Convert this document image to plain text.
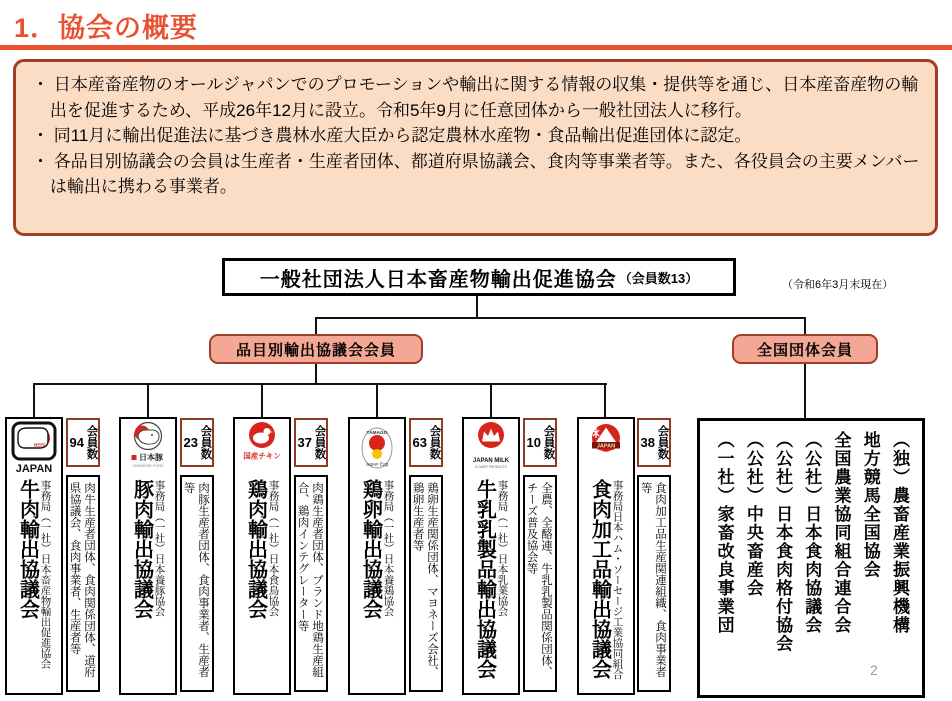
1．協会の概要
・ 日本産畜産物のオールジャパンでのプロモーションや輸出に関する情報の収集・提供等を通じ、日本産畜産物の輸出を促進するため、平成26年12月に設立。令和5年9月に任意団体から一般社団法人に移行。
・ 同11月に輸出促進法に基づき農林水産大臣から認定農林水産物・食品輸出促進団体に認定。
・ 各品目別協議会の会員は生産者・生産者団体、都道府県協議会、食肉等事業者等。また、各役員会の主要メンバーは輸出に携わる事業者。
一般社団法人日本畜産物輸出促進協会 （会員数13）	（令和6年3月末現在）
品目別輸出協議会会員	全国団体会員
BEEF
JAPAN
牛肉輸出協議会 事務局（一社）日本畜産物輸出促進協会
会員数
94
肉牛生産者団体、食肉関係団体、道府県協議会、食肉事業者、生産者等
日本豚
JAPANESE PORK
豚肉輸出協議会 事務局（一社）日本養豚協会
会員数
23
肉豚生産者団体、食肉事業者、生産者等
国産チキン
鶏肉輸出協議会 事務局（一社）日本食鳥協会
会員数
37
肉鶏生産者団体、ブランド地鶏生産組合、鶏肉インテグレーター等
TAMAGO
Japan Egg
鶏卵輸出協議会 事務局（一社）日本養鶏協会
会員数
63
鶏卵生産関係団体、マヨネーズ会社、鶏卵生産者等
JAPAN MILK
& DAIRY PRODUCTS
牛乳乳製品輸出協議会 事務局（一社）日本乳業協会
会員数
10
全農、全酪連、牛乳乳製品関係団体、チーズ普及協会等
JAPAN
食肉加工品輸出協議会 事務局日本ハム・ソーセージ工業協同組合
会員数
38
食肉加工品生産関連組織、食肉事業者等	（独）農畜産業振興機構
地方競馬全国協会
全国農業協同組合連合会
（公社）日本食肉協議会
（公社）日本食肉格付協会
（公社）中央畜産会
（一社）家畜改良事業団
2
